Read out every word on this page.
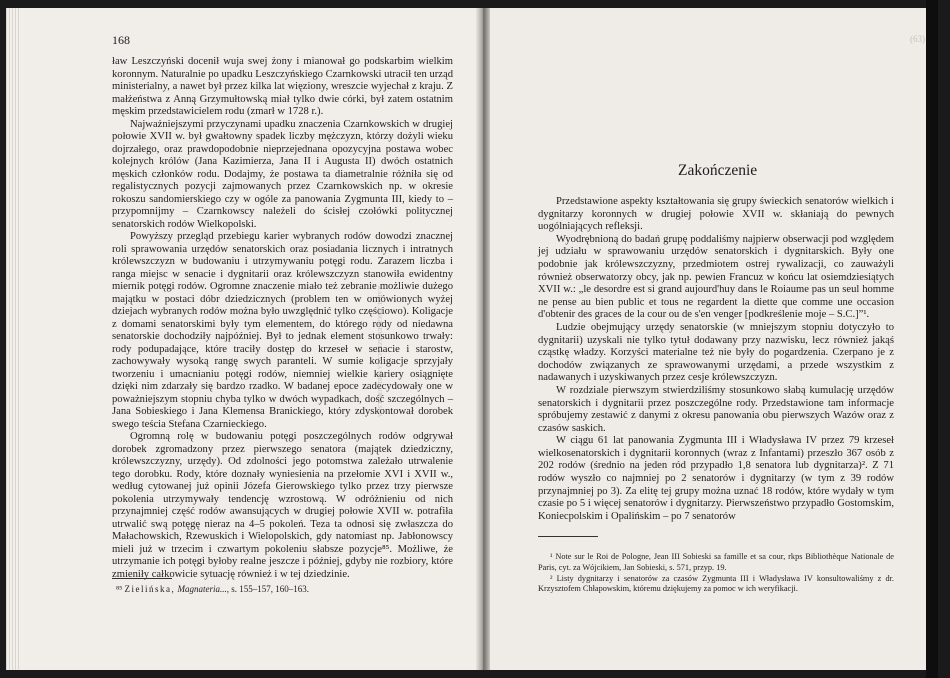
168

ław Leszczyński docenił wuja swej żony i mianował go podskarbim wielkim koronnym. Naturalnie po upadku Leszczyńskiego Czarnkowski utracił ten urząd ministerialny, a nawet był przez kilka lat więziony, wreszcie wyjechał z kraju. Z małżeństwa z Anną Grzymułtowską miał tylko dwie córki, był zatem ostatnim męskim przedstawicielem rodu (zmarł w 1728 r.).

Najważniejszymi przyczynami upadku znaczenia Czarnkowskich w drugiej połowie XVII w. był gwałtowny spadek liczby mężczyzn, którzy dożyli wieku dojrzałego, oraz prawdopodobnie nieprzejednana opozycyjna postawa wobec kolejnych królów (Jana Kazimierza, Jana II i Augusta II) dwóch ostatnich męskich członków rodu. Dodajmy, że postawa ta diametralnie różniła się od regalistycznych pozycji zajmowanych przez Czarnkowskich np. w okresie rokoszu sandomierskiego czy w ogóle za panowania Zygmunta III, kiedy to – przypomnijmy – Czarnkowscy należeli do ścisłej czołówki politycznej senatorskich rodów Wielkopolski.

Powyższy przegląd przebiegu karier wybranych rodów dowodzi znacznej roli sprawowania urzędów senatorskich oraz posiadania licznych i intratnych królewszczyzn w budowaniu i utrzymywaniu potęgi rodu. Zarazem liczba i ranga miejsc w senacie i dygnitarii oraz królewszczyzn stanowiła ewidentny miernik potęgi rodów. Ogromne znaczenie miało też zebranie możliwie dużego majątku w postaci dóbr dziedzicznych (problem ten w omówionych wyżej dziejach wybranych rodów można było uwzględnić tylko częściowo). Koligacje z domami senatorskimi były tym elementem, do którego rody od niedawna senatorskie dochodziły najpóźniej. Był to jednak element stosunkowo trwały: rody podupadające, które traciły dostęp do krzeseł w senacie i starostw, zachowywały wysoką rangę swych paranteli. W sumie koligacje sprzyjały tworzeniu i umacnianiu potęgi rodów, niemniej wielkie kariery osiągnięte dzięki nim zdarzały się bardzo rzadko. W badanej epoce zadecydowały one w poważniejszym stopniu chyba tylko w dwóch wypadkach, dość szczególnych – Jana Sobieskiego i Jana Klemensa Branickiego, który zdyskontował dorobek swego teścia Stefana Czarnieckiego.

Ogromną rolę w budowaniu potęgi poszczególnych rodów odgrywał dorobek zgromadzony przez pierwszego senatora (majątek dziedziczny, królewszczyzny, urzędy). Od zdolności jego potomstwa zależało utrwalenie tego dorobku. Rody, które doznały wyniesienia na przełomie XVI i XVII w., według cytowanej już opinii Józefa Gierowskiego tylko przez trzy pierwsze pokolenia utrzymywały tendencję wzrostową. W odróżnieniu od nich przynajmniej część rodów awansujących w drugiej połowie XVII w. potrafiła utrwalić swą potęgę nieraz na 4–5 pokoleń. Teza ta odnosi się zwłaszcza do Małachowskich, Rzewuskich i Wielopolskich, gdy natomiast np. Jabłonowscy mieli już w trzecim i czwartym pokoleniu słabsze pozycje⁸⁵. Możliwe, że utrzymanie ich potęgi byłoby realne jeszcze i później, gdyby nie rozbiory, które zmieniły całkowicie sytuację również i w tej dziedzinie.

KAREL ZBIGNIEW SZLACHTA WIELKOPOLSKA
⁸⁵ Zielińska, Magnateria..., s. 155–157, 160–163.
(63)
Zakończenie

Przedstawione aspekty kształtowania się grupy świeckich senatorów wielkich i dygnitarzy koronnych w drugiej połowie XVII w. skłaniają do pewnych uogólniających refleksji.

Wyodrębnioną do badań grupę poddaliśmy najpierw obserwacji pod względem jej udziału w sprawowaniu urzędów senatorskich i dygnitarskich. Były one podobnie jak królewszczyzny, przedmiotem ostrej rywalizacji, co zauważyli również obserwatorzy obcy, jak np. pewien Francuz w końcu lat osiemdziesiątych XVII w.: „le desordre est si grand aujourd'huy dans le Roiaume pas un seul homme ne pense au bien public et tous ne regardent la diette que comme une occasion d'obtenir des graces de la cour ou de s'en venger [podkreślenie moje – S.C.]”¹.

Ludzie obejmujący urzędy senatorskie (w mniejszym stopniu dotyczyło to dygnitarii) uzyskali nie tylko tytuł dodawany przy nazwisku, lecz również jakąś cząstkę władzy. Korzyści materialne też nie były do pogardzenia. Czerpano je z dochodów związanych ze sprawowanymi urzędami, a przede wszystkim z nadawanych i uzyskiwanych przez cesje królewszczyzn.

W rozdziale pierwszym stwierdziliśmy stosunkowo słabą kumulację urzędów senatorskich i dygnitarii przez poszczególne rody. Przedstawione tam informacje spróbujemy zestawić z danymi z okresu panowania obu pierwszych Wazów oraz z czasów saskich.

W ciągu 61 lat panowania Zygmunta III i Władysława IV przez 79 krzeseł wielkosenatorskich i dygnitarii koronnych (wraz z Infantami) przeszło 367 osób z 202 rodów (średnio na jeden ród przypadło 1,8 senatora lub dygnitarza)². Z 71 rodów wyszło co najmniej po 2 senatorów i dygnitarzy (w tym z 39 rodów przynajmniej po 3). Za elitę tej grupy można uznać 18 rodów, które wydały w tym czasie po 5 i więcej senatorów i dygnitarzy. Pierwszeństwo przypadło Gostomskim, Koniecpolskim i Opalińskim – po 7 senatorów

¹ Note sur le Roi de Pologne, Jean III Sobieski sa famille et sa cour, rkps Bibliothèque Nationale de Paris, cyt. za Wójcikiem, Jan Sobieski, s. 571, przyp. 19.

² Listy dygnitarzy i senatorów za czasów Zygmunta III i Władysława IV konsultowaliśmy z dr. Krzysztofem Chłapowskim, któremu dziękujemy za pomoc w ich weryfikacji.
